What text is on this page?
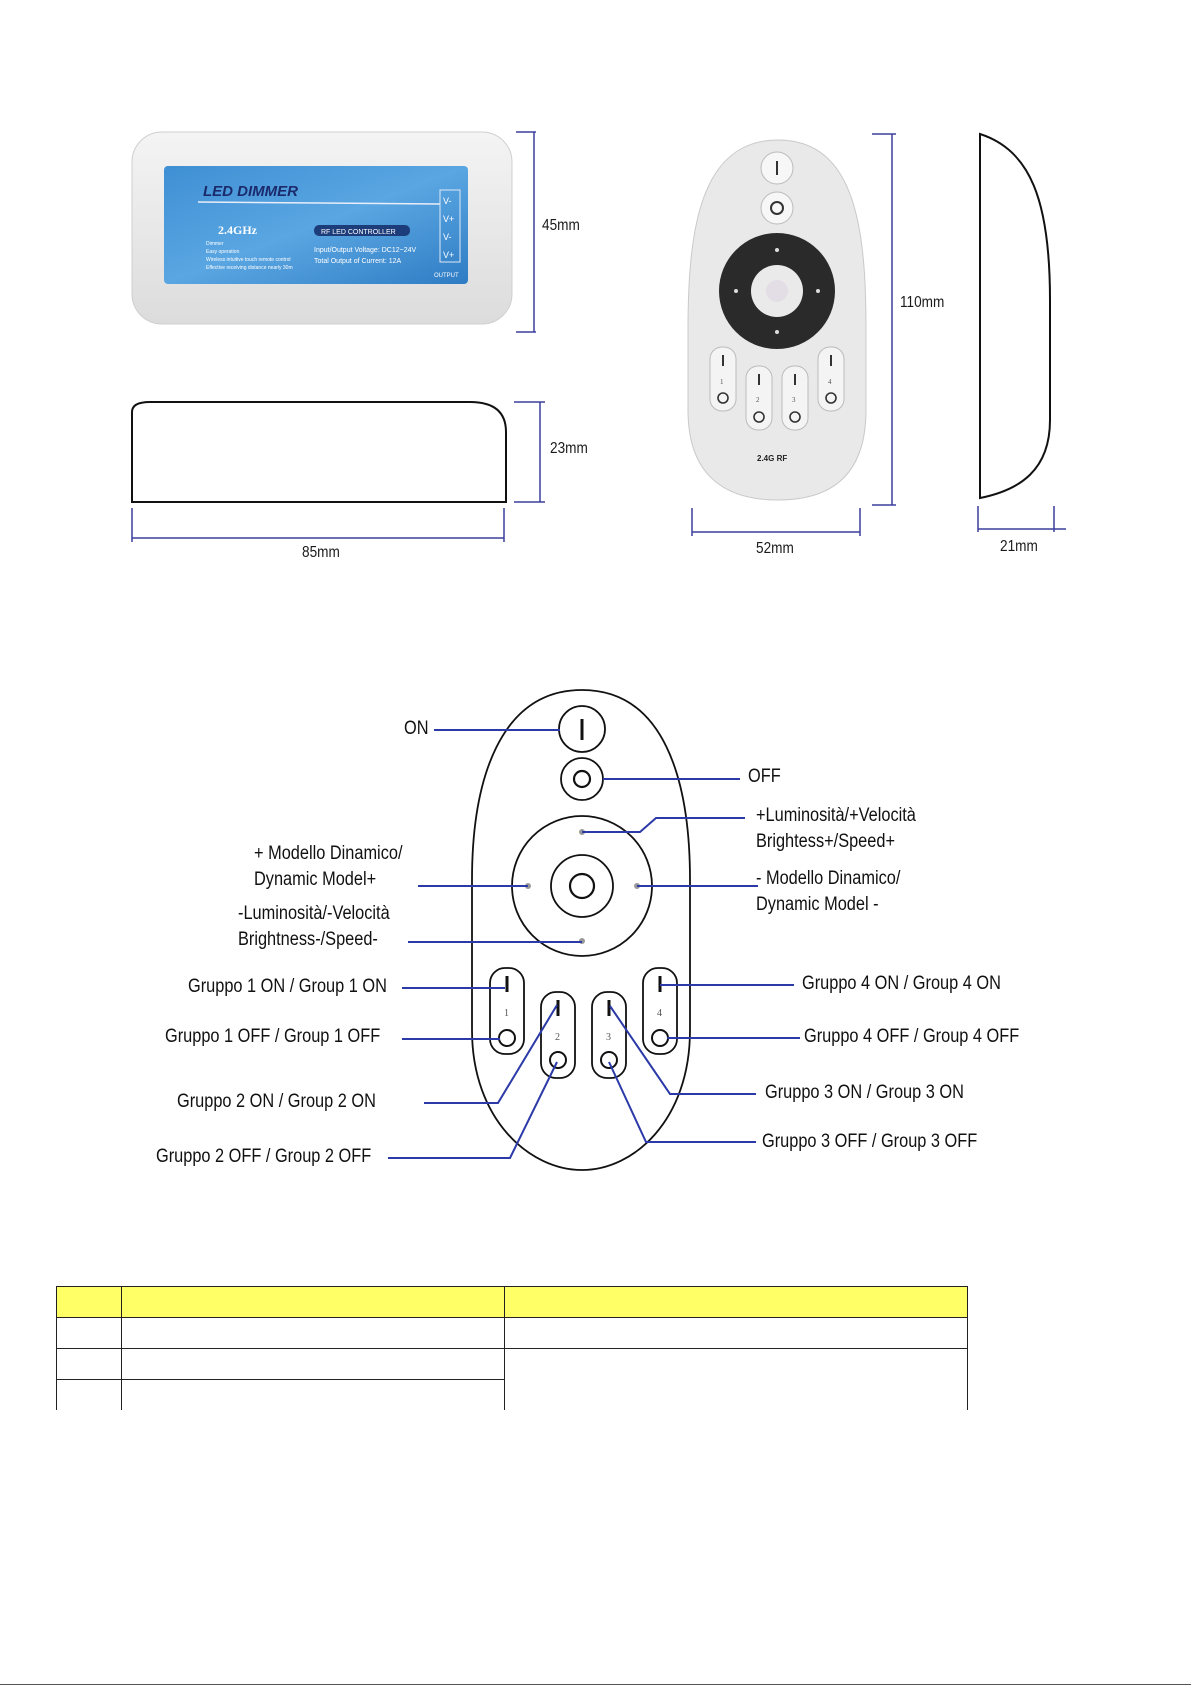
LED DIMMER
2.4GHz	RF LED CONTROLLER
Input/Output Voltage: DC12~24V
Total Output of Current: 12A
Dimmer
Easy operation
Wireless intuitive touch remote control
Effective receiving distance nearly 30m
OUTPUT
V-
V+
V-
V+
1
2	3
4
2.4G RF
45mm
23mm
85mm
110mm
52mm	21mm
1
2	3
4
ON
OFF
+Luminosità/+Velocità
Brightess+/Speed+
+ Modello Dinamico/
Dynamic Model+	- Modello Dinamico/
Dynamic Model -
-Luminosità/-Velocità
Brightness-/Speed-
Gruppo 1 ON / Group 1 ON
Gruppo 1 OFF / Group 1 OFF
Gruppo 2 ON / Group 2 ON
Gruppo 2 OFF / Group 2 OFF
Gruppo 4 ON / Group 4 ON
Gruppo 4 OFF / Group 4 OFF
Gruppo 3 ON / Group 3 ON
Gruppo 3 OFF / Group 3 OFF
